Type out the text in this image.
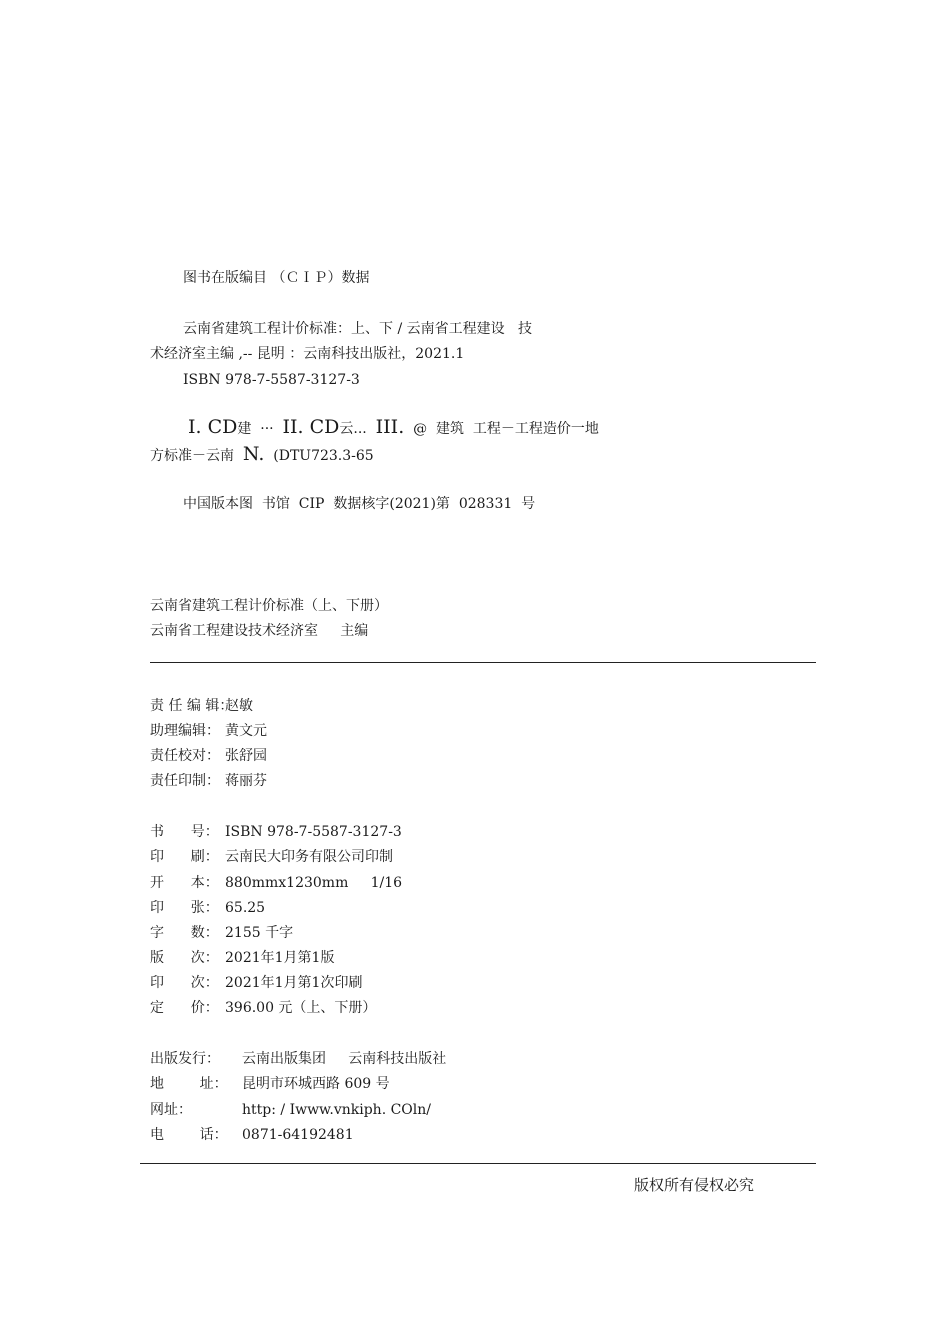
图书在版编目 （ＣＩＰ）数据
云南省建筑工程计价标准：上、下 / 云南省工程建设   技
术经济室主编 ,-- 昆明 ：云南科技出版社，2021.1
ISBN 978-7-5587-3127-3
I. CD建  ···  II. CD云...  III.  @  建筑  工程－工程造价一地
方标准－云南  N.  (DTU723.3-65
中国版本图  书馆  CIP  数据核字(2021)第  028331  号
云南省建筑工程计价标准（上、下册）
云南省工程建设技术经济室     主编
责 任 编 辑：
赵敏
助理编辑： 黄文元
责任校对： 张舒园
责任印制： 蒋丽芬
书      号： ISBN 978-7-5587-3127-3
印      刷： 云南民大印务有限公司印制
开      本： 880mmx1230mm     1/16
印      张： 65.25
字      数： 2155 千字
版      次： 2021年1月第1版
印      次： 2021年1月第1次印刷
定      价： 396.00 元（上、下册）
出版发行：	云南出版集团     云南科技出版社
地        址：	昆明市环城西路 609 号
网址：	http: / Iwww.vnkiph. COln/
电        话：	0871-64192481
版权所有侵权必究
